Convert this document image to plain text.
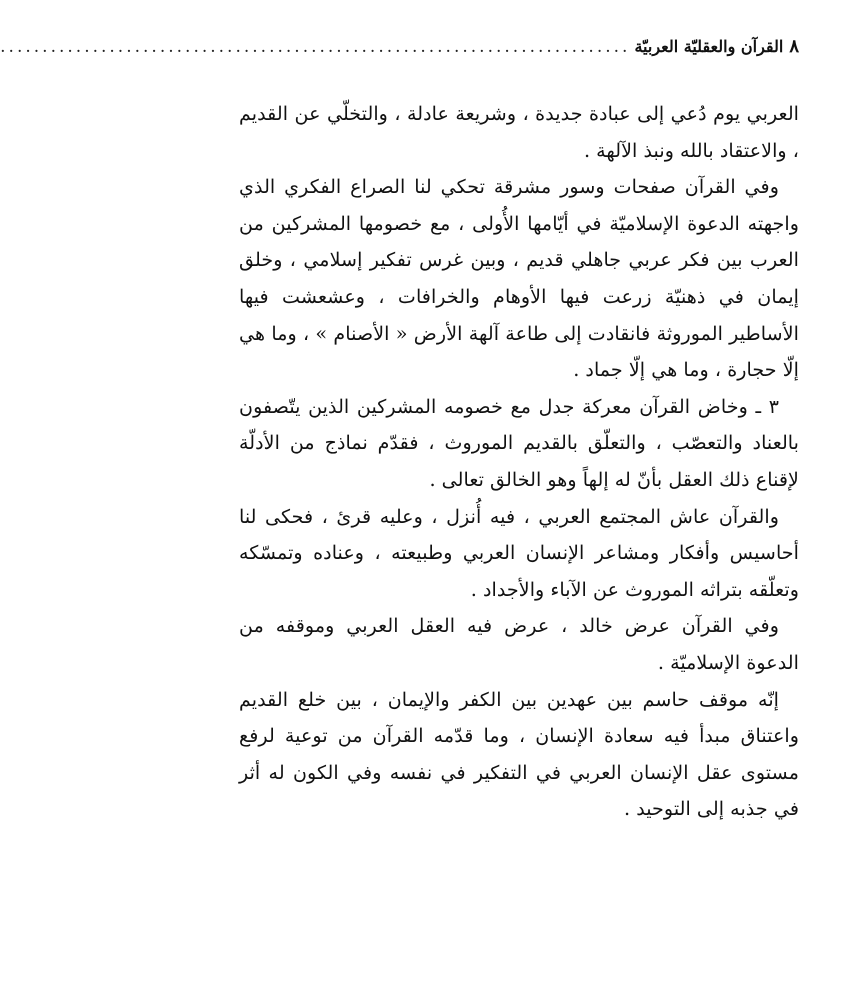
٨
القرآن والعقليّة العربيّة
...........................................................................

العربي يوم دُعي إلى عبادة جديدة ، وشريعة عادلة ، والتخلّي عن القديم ، والاعتقاد بالله ونبذ الآلهة .

وفي القرآن صفحات وسور مشرقة تحكي لنا الصراع الفكري الذي واجهته الدعوة الإسلاميّة في أيّامها الأُولى ، مع خصومها المشركين من العرب بين فكر عربي جاهلي قديم ، وبين غرس تفكير إسلامي ، وخلق إيمان في ذهنيّة زرعت فيها الأوهام والخرافات ، وعشعشت فيها الأساطير الموروثة فانقادت إلى طاعة آلهة الأرض « الأصنام » ، وما هي إلّا حجارة ، وما هي إلّا جماد .

٣ ـ وخاض القرآن معركة جدل مع خصومه المشركين الذين يتّصفون بالعناد والتعصّب ، والتعلّق بالقديم الموروث ، فقدّم نماذج من الأدلّة لإقناع ذلك العقل بأنّ له إلهاً وهو الخالق تعالى .

والقرآن عاش المجتمع العربي ، فيه أُنزل ، وعليه قرئ ، فحكى لنا أحاسيس وأفكار ومشاعر الإنسان العربي وطبيعته ، وعناده وتمسّكه وتعلّقه بتراثه الموروث عن الآباء والأجداد .

وفي القرآن عرض خالد ، عرض فيه العقل العربي وموقفه من الدعوة الإسلاميّة .

إنّه موقف حاسم بين عهدين بين الكفر والإيمان ، بين خلع القديم واعتناق مبدأ فيه سعادة الإنسان ، وما قدّمه القرآن من توعية لرفع مستوى عقل الإنسان العربي في التفكير في نفسه وفي الكون له أثر في جذبه إلى التوحيد .
